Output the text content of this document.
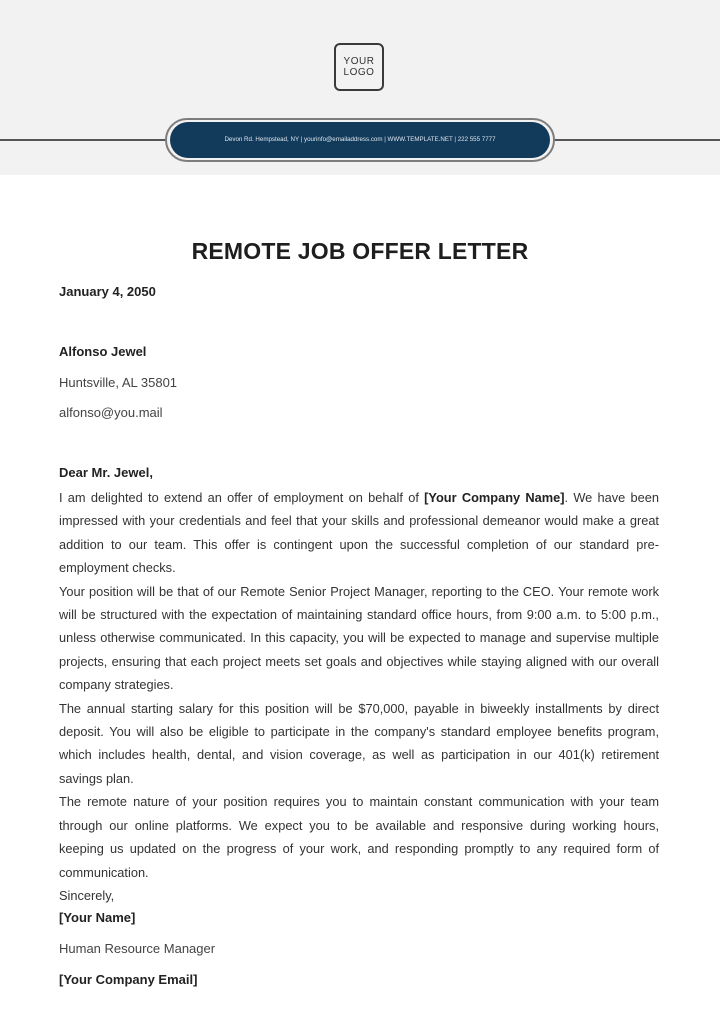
YOUR
LOGO
Devon Rd. Hempstead, NY | yourinfo@emailaddress.com | WWW.TEMPLATE.NET | 222 555 7777
REMOTE JOB OFFER LETTER
January 4, 2050
Alfonso Jewel
Huntsville, AL 35801
alfonso@you.mail
Dear Mr. Jewel,

I am delighted to extend an offer of employment on behalf of [Your Company Name]. We have been impressed with your credentials and feel that your skills and professional demeanor would make a great addition to our team. This offer is contingent upon the successful completion of our standard pre-employment checks.

Your position will be that of our Remote Senior Project Manager, reporting to the CEO. Your remote work will be structured with the expectation of maintaining standard office hours, from 9:00 a.m. to 5:00 p.m., unless otherwise communicated. In this capacity, you will be expected to manage and supervise multiple projects, ensuring that each project meets set goals and objectives while staying aligned with our overall company strategies.

The annual starting salary for this position will be $70,000, payable in biweekly installments by direct deposit. You will also be eligible to participate in the company's standard employee benefits program, which includes health, dental, and vision coverage, as well as participation in our 401(k) retirement savings plan.

The remote nature of your position requires you to maintain constant communication with your team through our online platforms. We expect you to be available and responsive during working hours, keeping us updated on the progress of your work, and responding promptly to any required form of communication.

Sincerely,

[Your Name]
Human Resource Manager
[Your Company Email]
